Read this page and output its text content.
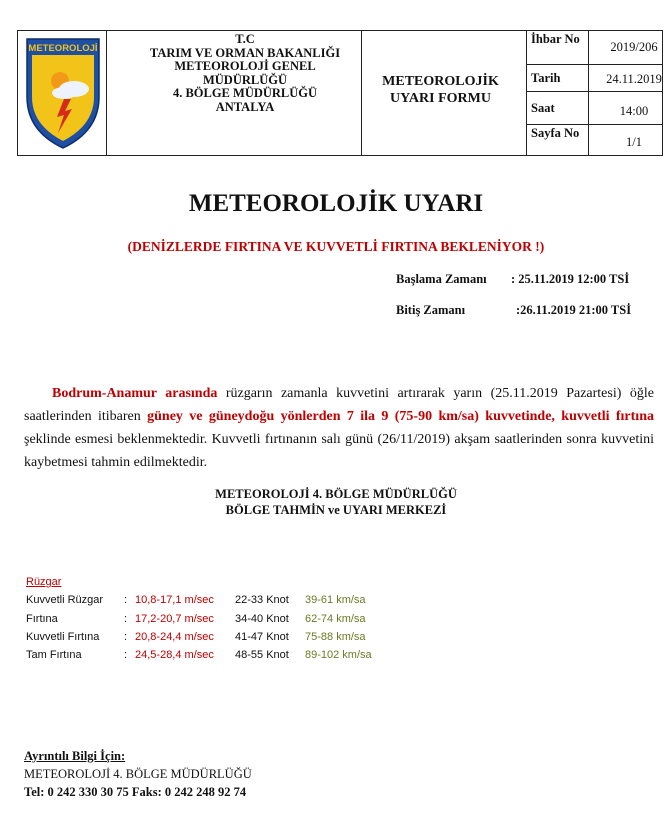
METEOROLOJİ
T.C
TARIM VE ORMAN BAKANLIĞI
METEOROLOJİ GENEL
MÜDÜRLÜĞÜ
4. BÖLGE MÜDÜRLÜĞÜ
ANTALYA
METEOROLOJİK
UYARI FORMU
İhbar No
2019/206
Tarih	24.11.2019
Saat	14:00
Sayfa No
1/1
METEOROLOJİK UYARI
(DENİZLERDE FIRTINA VE KUVVETLİ FIRTINA BEKLENİYOR !)
Başlama Zamanı : 25.11.2019 12:00 TSİ
Bitiş Zamanı	:26.11.2019 21:00 TSİ
Bodrum-Anamur arasında rüzgarın zamanla kuvvetini artırarak yarın (25.11.2019 Pazartesi) öğle saatlerinden itibaren güney ve güneydoğu yönlerden 7 ila 9 (75-90 km/sa) kuvvetinde, kuvvetli fırtına şeklinde esmesi beklenmektedir. Kuvvetli fırtınanın salı günü (26/11/2019) akşam saatlerinden sonra kuvvetini kaybetmesi tahmin edilmektedir.
METEOROLOJİ 4. BÖLGE MÜDÜRLÜĞÜ
BÖLGE TAHMİN ve UYARI MERKEZİ
Rüzgar
Kuvvetli Rüzgar : 10,8-17,1 m/sec 22-33 Knot 39-61 km/sa
Fırtına	: 17,2-20,7 m/sec 34-40 Knot 62-74 km/sa
Kuvvetli Fırtına : 20,8-24,4 m/sec 41-47 Knot 75-88 km/sa
Tam Fırtına	: 24,5-28,4 m/sec 48-55 Knot 89-102 km/sa
Ayrıntılı Bilgi İçin:
METEOROLOJİ 4. BÖLGE MÜDÜRLÜĞÜ
Tel: 0 242 330 30 75 Faks: 0 242 248 92 74
